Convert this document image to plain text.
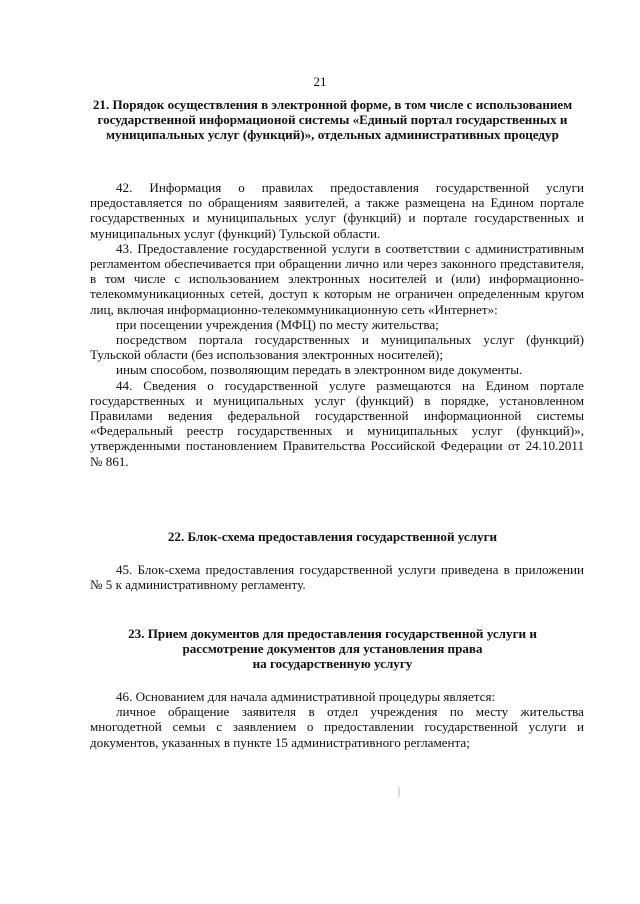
21
21. Порядок осуществления в электронной форме, в том числе с использованием государственной информационой системы «Единый портал государственных и муниципальных услуг (функций)», отдельных административных процедур

42. Информация о правилах предоставления государственной услуги предоставляется по обращениям заявителей, а также размещена на Едином портале государственных и муниципальных услуг (функций) и портале государственных и муниципальных услуг (функций) Тульской области.

43. Предоставление государственной услуги в соответствии с административным регламентом обеспечивается при обращении лично или через законного представителя, в том числе с использованием электронных носителей и (или) информационно-телекоммуникационных сетей, доступ к которым не ограничен определенным кругом лиц, включая информационно-телекоммуникационную сеть «Интернет»:

при посещении учреждения (МФЦ) по месту жительства;

посредством портала государственных и муниципальных услуг (функций) Тульской области (без использования электронных носителей);

иным способом, позволяющим передать в электронном виде документы.

44. Сведения о государственной услуге размещаются на Едином портале государственных и муниципальных услуг (функций) в порядке, установленном Правилами ведения федеральной государственной информационной системы «Федеральный реестр государственных и муниципальных услуг (функций)», утвержденными постановлением Правительства Российской Федерации от 24.10.2011 № 861.

22. Блок-схема предоставления государственной услуги

45. Блок-схема предоставления государственной услуги приведена в приложении № 5 к административному регламенту.

23. Прием документов для предоставления государственной услуги и
рассмотрение документов для установления права
на государственную услугу

46. Основанием для начала административной процедуры является:

личное обращение заявителя в отдел учреждения по месту жительства многодетной семьи с заявлением о предоставлении государственной услуги и документов, указанных в пункте 15 административного регламента;
